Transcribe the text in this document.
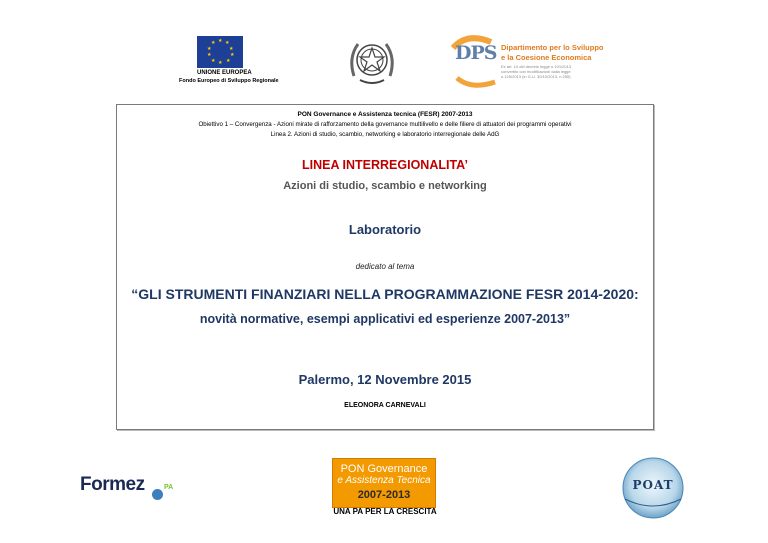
★ ★
★
★
★
★
★
★
★
★
UNIONE EUROPEA
Fondo Europeo di Sviluppo Regionale
DPS Dipartimento per lo Sviluppo
e la Coesione Economica
Ex art. 10 del decreto legge n.101/2013
convertito con modificazioni dalla legge
n.125/2013 (in G.U. 30/10/2013, n.255)
PON Governance e Assistenza tecnica (FESR) 2007-2013
Obiettivo 1 – Convergenza - Azioni mirate di rafforzamento della governance multilivello e delle filiere di attuatori dei programmi operativi
Linea 2. Azioni di studio, scambio, networking e laboratorio interregionale delle AdG
LINEA INTERREGIONALITA’
Azioni di studio, scambio e networking
Laboratorio
dedicato al tema
“GLI STRUMENTI FINANZIARI NELLA PROGRAMMAZIONE FESR 2014-2020:
novità normative, esempi applicativi ed esperienze 2007-2013”
Palermo, 12 Novembre 2015
ELEONORA CARNEVALI
Formez	PA
PON Governance
e Assistenza Tecnica
2007-2013
UNA PA PER LA CRESCITA
POAT
